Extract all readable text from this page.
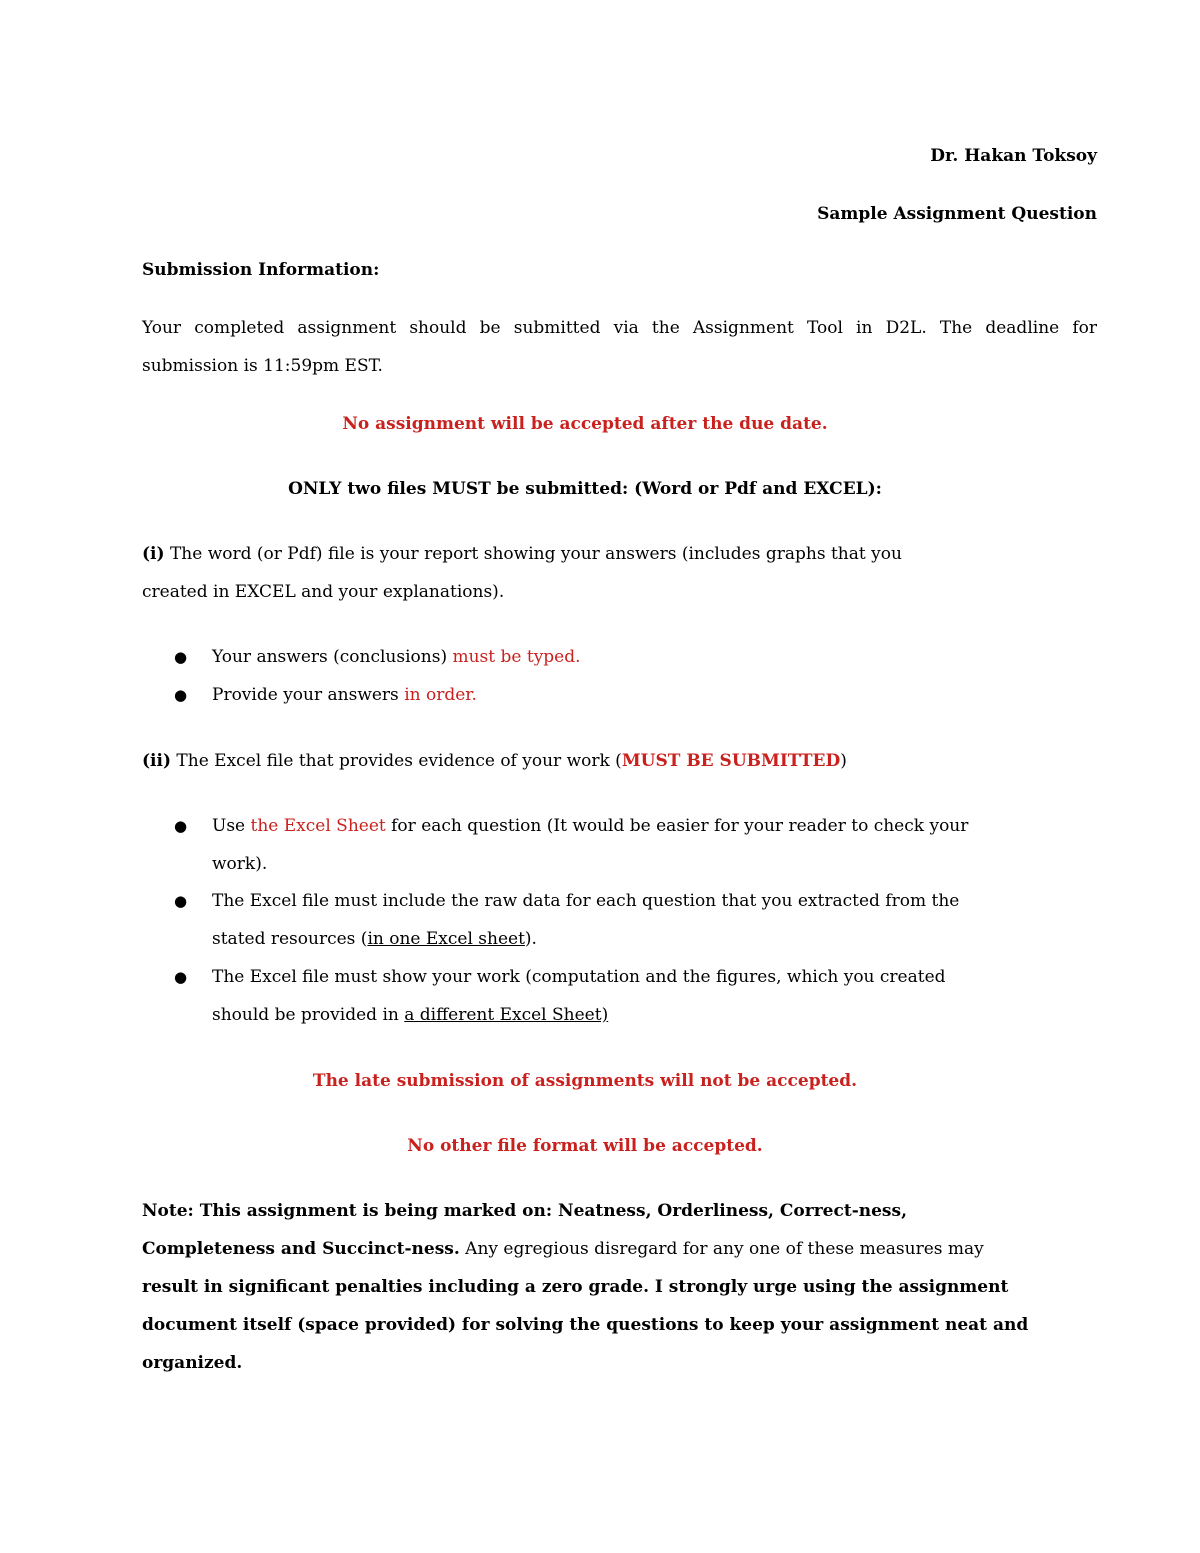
Dr. Hakan Toksoy
Sample Assignment Question
Submission Information:
Your completed assignment should be submitted via the Assignment Tool in D2L. The deadline for
submission is 11:59pm EST.
No assignment will be accepted after the due date.
ONLY two files MUST be submitted: (Word or Pdf and EXCEL):
(i) The word (or Pdf) file is your report showing your answers (includes graphs that you
created in EXCEL and your explanations).
● Your answers (conclusions) must be typed.
● Provide your answers in order.
(ii) The Excel file that provides evidence of your work (MUST BE SUBMITTED)
● Use the Excel Sheet for each question (It would be easier for your reader to check your
work).
● The Excel file must include the raw data for each question that you extracted from the
stated resources (in one Excel sheet).
● The Excel file must show your work (computation and the figures, which you created
should be provided in a different Excel Sheet)
The late submission of assignments will not be accepted.
No other file format will be accepted.
Note: This assignment is being marked on: Neatness, Orderliness, Correct-ness,
Completeness and Succinct-ness. Any egregious disregard for any one of these measures may
result in significant penalties including a zero grade. I strongly urge using the assignment
document itself (space provided) for solving the questions to keep your assignment neat and
organized.
